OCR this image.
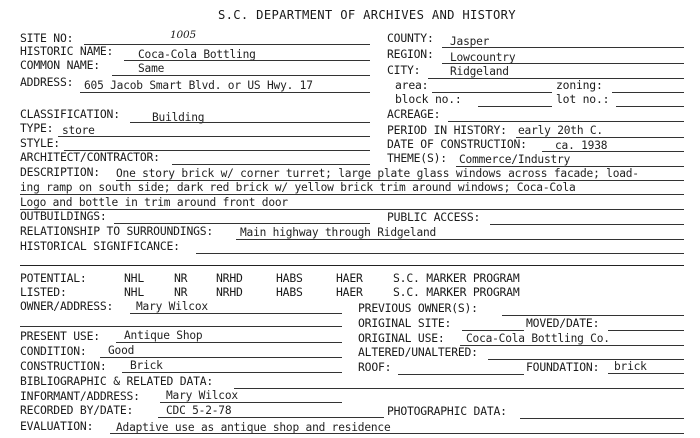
S.C. DEPARTMENT OF ARCHIVES AND HISTORY
SITE NO:	1005	COUNTY: Jasper
HISTORIC NAME: Coca-Cola Bottling	REGION: Lowcountry
COMMON NAME:	Same	CITY:	Ridgeland
ADDRESS: 605 Jacob Smart Blvd. or US Hwy. 17	area:	zoning:
block no.:	lot no.:
CLASSIFICATION:	Building	ACREAGE:
TYPE: store	PERIOD IN HISTORY: early 20th C.
STYLE:	DATE OF CONSTRUCTION:	ca. 1938
ARCHITECT/CONTRACTOR:	THEME(S): Commerce/Industry
DESCRIPTION: One story brick w/ corner turret; large plate glass windows across facade; load-
ing ramp on south side; dark red brick w/ yellow brick trim around windows; Coca-Cola
Logo and bottle in trim around front door
OUTBUILDINGS:	PUBLIC ACCESS:
RELATIONSHIP TO SURROUNDINGS: Main highway through Ridgeland
HISTORICAL SIGNIFICANCE:
POTENTIAL:	NHL	NR	NRHD	HABS	HAER	S.C. MARKER PROGRAM
LISTED:	NHL	NR	NRHD	HABS	HAER	S.C. MARKER PROGRAM
OWNER/ADDRESS: Mary Wilcox	PREVIOUS OWNER(S):
ORIGINAL SITE:	MOVED/DATE:
PRESENT USE: Antique Shop	ORIGINAL USE: Coca-Cola Bottling Co.
CONDITION: Good	ALTERED/UNALTERED:
CONSTRUCTION: Brick	ROOF:	FOUNDATION: brick
BIBLIOGRAPHIC & RELATED DATA:
INFORMANT/ADDRESS: Mary Wilcox
RECORDED BY/DATE:	CDC 5-2-78	PHOTOGRAPHIC DATA:
EVALUATION: Adaptive use as antique shop and residence
